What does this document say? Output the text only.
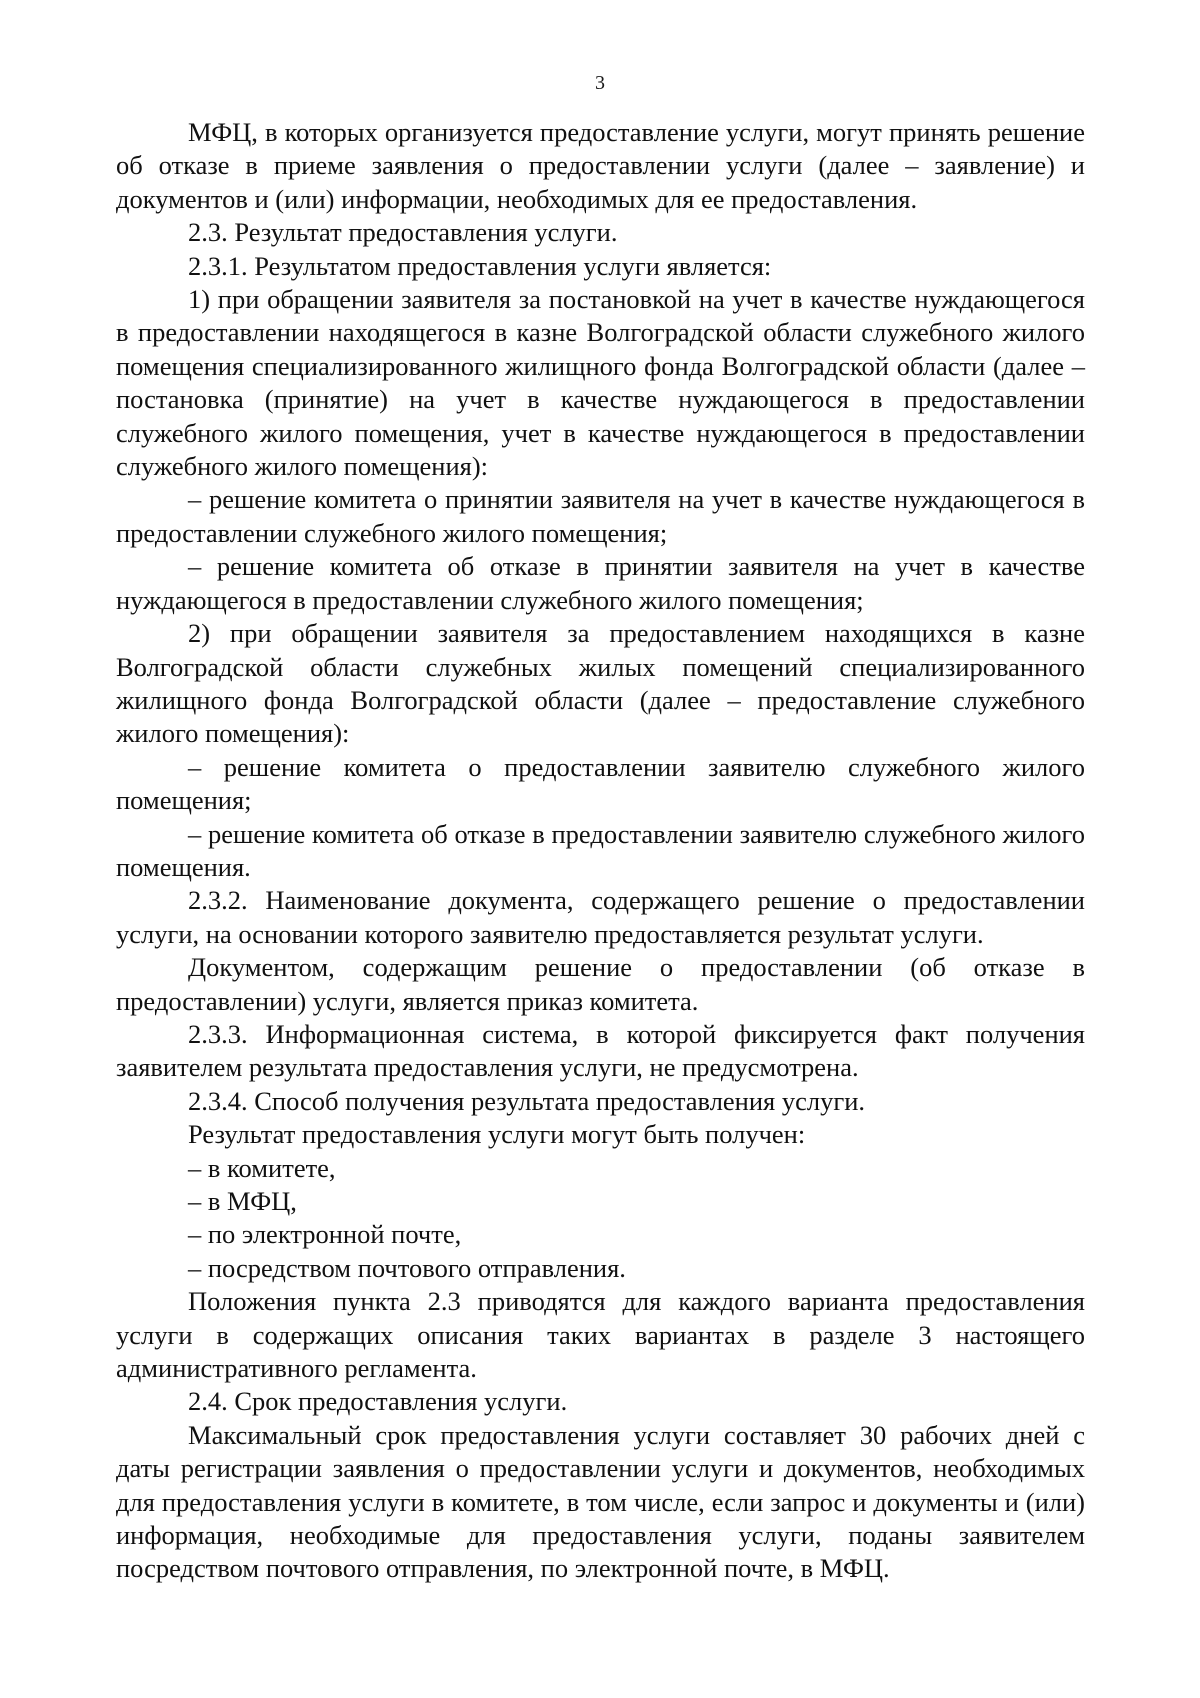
3

МФЦ, в которых организуется предоставление услуги, могут принять решение об отказе в приеме заявления о предоставлении услуги (далее – заявление) и документов и (или) информации, необходимых для ее предоставления.

2.3. Результат предоставления услуги.

2.3.1. Результатом предоставления услуги является:

1) при обращении заявителя за постановкой на учет в качестве нуждающегося в предоставлении находящегося в казне Волгоградской области служебного жилого помещения специализированного жилищного фонда Волгоградской области (далее – постановка (принятие) на учет в качестве нуждающегося в предоставлении служебного жилого помещения, учет в качестве нуждающегося в предоставлении служебного жилого помещения):

– решение комитета о принятии заявителя на учет в качестве нуждающегося в предоставлении служебного жилого помещения;

– решение комитета об отказе в принятии заявителя на учет в качестве нуждающегося в предоставлении служебного жилого помещения;

2) при обращении заявителя за предоставлением находящихся в казне Волгоградской области служебных жилых помещений специализированного жилищного фонда Волгоградской области (далее – предоставление служебного жилого помещения):

– решение комитета о предоставлении заявителю служебного жилого помещения;

– решение комитета об отказе в предоставлении заявителю служебного жилого помещения.

2.3.2. Наименование документа, содержащего решение о предоставлении услуги, на основании которого заявителю предоставляется результат услуги.

Документом, содержащим решение о предоставлении (об отказе в предоставлении) услуги, является приказ комитета.

2.3.3. Информационная система, в которой фиксируется факт получения заявителем результата предоставления услуги, не предусмотрена.

2.3.4. Способ получения результата предоставления услуги.

Результат предоставления услуги могут быть получен:

– в комитете,

– в МФЦ,

– по электронной почте,

– посредством почтового отправления.

Положения пункта 2.3 приводятся для каждого варианта предоставления услуги в содержащих описания таких вариантах в разделе 3 настоящего административного регламента.

2.4. Срок предоставления услуги.

Максимальный срок предоставления услуги составляет 30 рабочих дней с даты регистрации заявления о предоставлении услуги и документов, необходимых для предоставления услуги в комитете, в том числе, если запрос и документы и (или) информация, необходимые для предоставления услуги, поданы заявителем посредством почтового отправления, по электронной почте, в МФЦ.
